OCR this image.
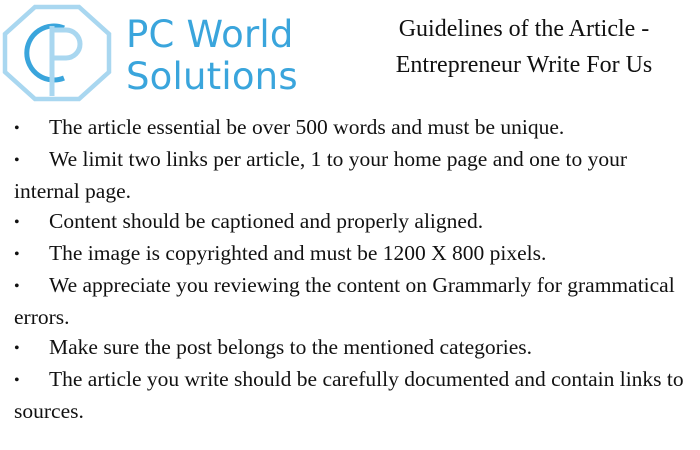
PC World
Solutions
Guidelines of the Article -
Entrepreneur Write For Us
• The article essential be over 500 words and must be unique.
• We limit two links per article, 1 to your home page and one to your internal page.
• Content should be captioned and properly aligned.
• The image is copyrighted and must be 1200 X 800 pixels.
• We appreciate you reviewing the content on Grammarly for grammatical errors.
• Make sure the post belongs to the mentioned categories.
• The article you write should be carefully documented and contain links to sources.
